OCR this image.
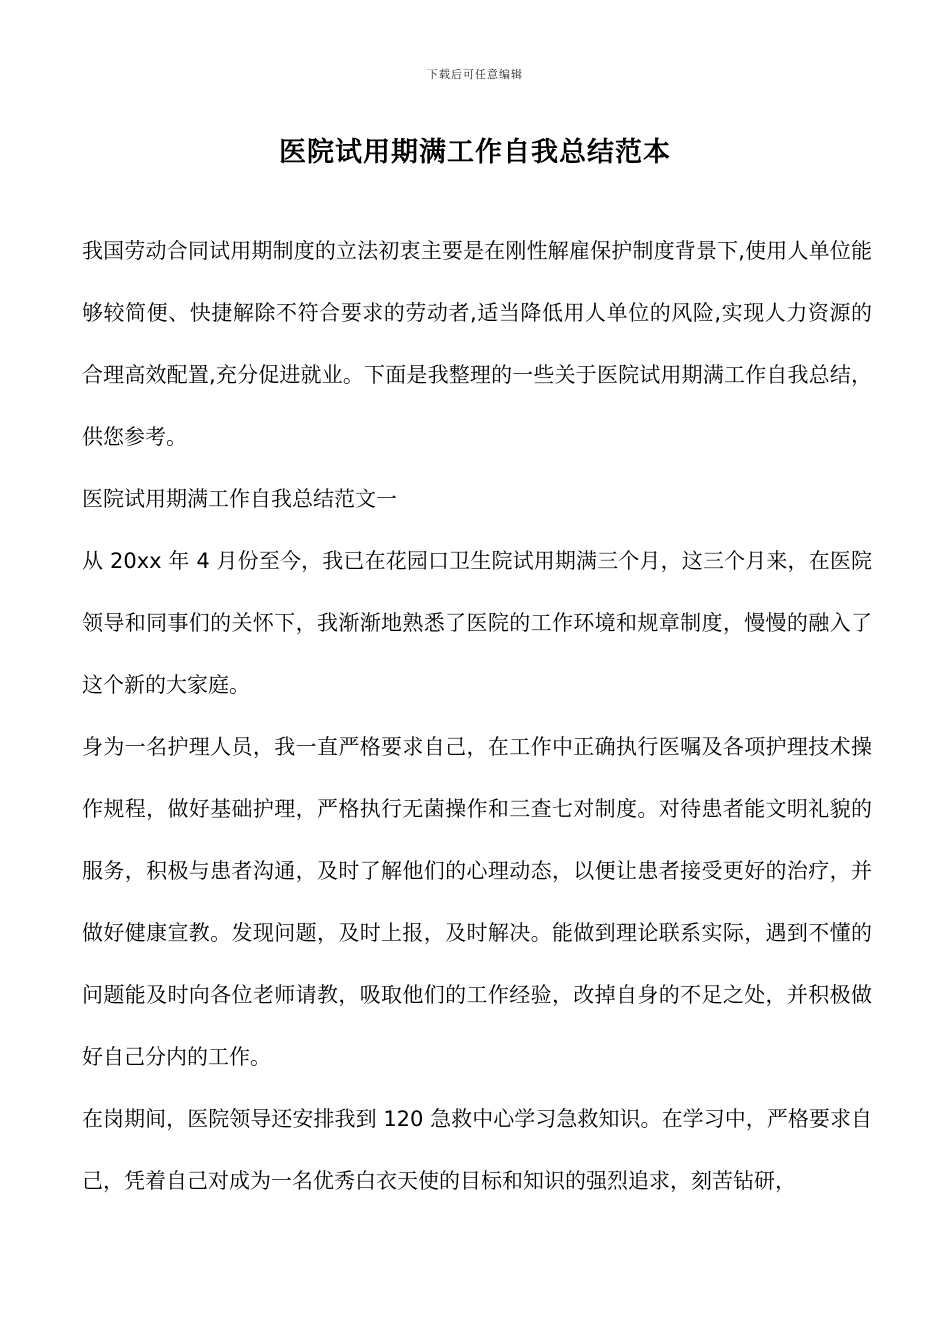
下载后可任意编辑
医院试用期满工作自我总结范本

我国劳动合同试用期制度的立法初衷主要是在刚性解雇保护制度背景下,使用人单位能够较简便、快捷解除不符合要求的劳动者,适当降低用人单位的风险,实现人力资源的合理高效配置,充分促进就业。下面是我整理的一些关于医院试用期满工作自我总结，供您参考。

医院试用期满工作自我总结范文一

从 20xx 年 4 月份至今，我已在花园口卫生院试用期满三个月，这三个月来，在医院领导和同事们的关怀下，我渐渐地熟悉了医院的工作环境和规章制度，慢慢的融入了这个新的大家庭。

身为一名护理人员，我一直严格要求自己，在工作中正确执行医嘱及各项护理技术操作规程，做好基础护理，严格执行无菌操作和三查七对制度。对待患者能文明礼貌的服务，积极与患者沟通，及时了解他们的心理动态，以便让患者接受更好的治疗，并做好健康宣教。发现问题，及时上报，及时解决。能做到理论联系实际，遇到不懂的问题能及时向各位老师请教，吸取他们的工作经验，改掉自身的不足之处，并积极做好自己分内的工作。

在岗期间，医院领导还安排我到 120 急救中心学习急救知识。在学习中，严格要求自己，凭着自己对成为一名优秀白衣天使的目标和知识的强烈追求，刻苦钻研，
